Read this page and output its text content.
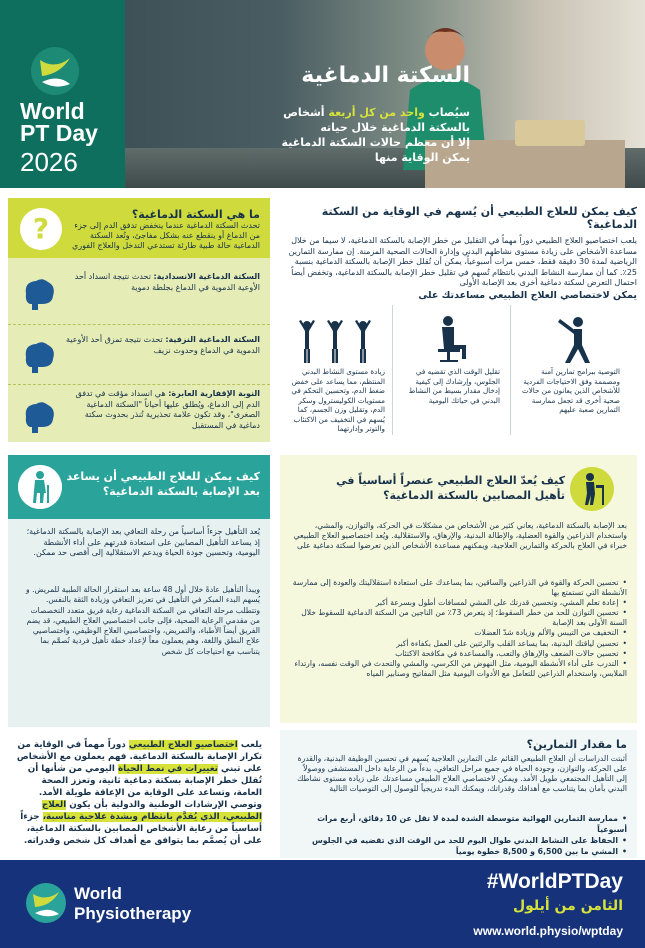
World
PT Day
2026
السكتة الدماغية
سيُصاب واحد من كل أربعة أشخاص
بالسكتة الدماغية خلال حياته
إلا أن معظم حالات السكتة الدماغية
يمكن الوقاية منها
?	ما هي السكتة الدماغية؟
تحدث السكتة الدماغية عندما ينخفض تدفق الدم إلى جزء من الدماغ أو ينقطع عنه بشكل مفاجئ، وتُعد السكتة الدماغية حالة طبية طارئة تستدعي التدخل والعلاج الفوري
السكتة الدماغية الانسدادية: تحدث نتيجة انسداد أحد الأوعية الدموية في الدماغ بجلطة دموية
السكتة الدماغية النزفية: تحدث نتيجة تمزق أحد الأوعية الدموية في الدماغ وحدوث نزيف
النوبة الإقفارية العابرة: هي انسداد مؤقت في تدفق الدم إلى الدماغ، ويُطلق عليها أحياناً "السكتة الدماغية الصغرى"، وقد تكون علامة تحذيرية تُنذر بحدوث سكتة دماغية في المستقبل
كيف يمكن للعلاج الطبيعي أن يُسهم في الوقاية من السكتة الدماغية؟
يلعب اختصاصيو العلاج الطبيعي دوراً مهماً في التقليل من خطر الإصابة بالسكتة الدماغية، لا سيما من خلال مساعدة الأشخاص على زيادة مستوى نشاطهم البدني وإدارة الحالات الصحية المزمنة. إن ممارسة التمارين الرياضية لمدة 30 دقيقة فقط، خمس مرات أسبوعياً، يمكن أن تُقلل خطر الإصابة بالسكتة الدماغية بنسبة 25٪. كما أن ممارسة النشاط البدني بانتظام تُسهم في تقليل خطر الإصابة بالسكتة الدماغية، وتخفض أيضاً احتمال التعرض لسكتة دماغية أخرى بعد الإصابة الأولى
يمكن لاختصاصي العلاج الطبيعي مساعدتك على
زيادة مستوى النشاط البدني المنتظم، مما يساعد على خفض ضغط الدم، وتحسين التحكم في مستويات الكوليسترول وسكر الدم، وتقليل وزن الجسم، كما يُسهم في التخفيف من الاكتئاب والتوتر وإدارتهما
تقليل الوقت الذي تقضيه في الجلوس، وإرشادك إلى كيفية إدخال مقدار بسيط من النشاط البدني في حياتك اليومية
التوصية ببرامج تمارين آمنة ومصممة وفق الاحتياجات الفردية للأشخاص الذين يعانون من حالات صحية أخرى قد تجعل ممارسة التمارين صعبة عليهم
كيف يمكن للعلاج الطبيعي أن يساعد بعد الإصابة بالسكتة الدماغية؟
يُعد التأهيل جزءاً أساسياً من رحلة التعافي بعد الإصابة بالسكتة الدماغية؛ إذ يساعد التأهيل المصابين على استعادة قدرتهم على أداء الأنشطة اليومية، وتحسين جودة الحياة ويدعم الاستقلالية إلى أقصى حد ممكن.
ويبدأ التأهيل عادةً خلال أول 48 ساعة بعد استقرار الحالة الطبية للمريض. و يُسهم البدء المبكر في التأهيل في تعزيز التعافي وزيادة الثقة بالنفس. وتتطلب مرحلة التعافي من السكتة الدماغية رعاية فريق متعدد التخصصات من مقدمي الرعاية الصحية، فإلى جانب اختصاصيي العلاج الطبيعي، قد يضم الفريق أيضاً الأطباء، والتمريض، واختصاصيي العلاج الوظيفي، واختصاصيي علاج النطق واللغة، وهم يعملون معاً لإعداد خطة تأهيل فردية تُصمَّم بما يتناسب مع احتياجات كل شخص
كيف يُعدّ العلاج الطبيعي عنصراً أساسياً في تأهيل المصابين بالسكتة الدماغية؟
بعد الإصابة بالسكتة الدماغية، يعاني كثير من الأشخاص من مشكلات في الحركة، والتوازن، والمشي، واستخدام الذراعين والقوة العضلية، والإطالة البدنية، والإرهاق، والاستقلالية. ويُعد اختصاصيو العلاج الطبيعي خبراء في العلاج بالحركة والتمارين العلاجية، ويمكنهم مساعدة الأشخاص الذين تعرضوا لسكتة دماغية على
• تحسين الحركة والقوة في الذراعين والساقين، بما يساعدك على استعادة استقلاليتك والعودة إلى ممارسة الأنشطة التي تستمتع بها
• إعادة تعلم المشي، وتحسين قدرتك على المشي لمسافات أطول وبسرعة أكبر
• تحسين التوازن للحد من خطر السقوط؛ إذ يتعرض 73٪ من الناجين من السكتة الدماغية للسقوط خلال السنة الأولى بعد الإصابة
• التخفيف من التيبس والألم وزيادة شدّ العضلات
• تحسين لياقتك البدنية، بما يساعد القلب والرئتين على العمل بكفاءة أكبر
• تحسين حالات الضعف والإرهاق والتعب، والمساعدة في مكافحة الاكتئاب
• التدرب على أداء الأنشطة اليومية، مثل النهوض من الكرسي، والمشي والتحدث في الوقت نفسه، وارتداء الملابس، واستخدام الذراعين للتعامل مع الأدوات اليومية مثل المفاتيح وصنابير المياه
يلعب اختصاصيو العلاج الطبيعي دوراً مهماً في الوقاية من تكرار الإصابة بالسكتة الدماغية. فهم يعملون مع الأشخاص على تبني تغييرات في نمط الحياة اليومي من شأنها أن تُقلل خطر الإصابة بسكتة دماغية ثانية، وتعزز الصحة العامة، وتساعد على الوقاية من الإعاقة طويلة الأمد. وتوصي الإرشادات الوطنية والدولية بأن يكون العلاج الطبيعي، الذي يُقدَّم بانتظام وبشدة علاجية مناسبة، جزءاً أساسياً من رعاية الأشخاص المصابين بالسكتة الدماغية، على أن يُصمَّم بما يتوافق مع أهداف كل شخص وقدراته.
ما مقدار التمارين؟
أثبتت الدراسات أن العلاج الطبيعي القائم على التمارين العلاجية يُسهم في تحسين الوظيفة البدنية، والقدرة على الحركة، والتوازن، وجودة الحياة في جميع مراحل التعافي، بدءاً من الرعاية داخل المستشفى ووصولاً إلى التأهيل المجتمعي طويل الأمد. ويمكن لاختصاصي العلاج الطبيعي مساعدتك على زيادة مستوى نشاطك البدني بأمان بما يتناسب مع أهدافك وقدراتك، ويمكنك البدء تدريجياً للوصول إلى التوصيات التالية
• ممارسة التمارين الهوائية متوسطة الشدة لمدة لا تقل عن 10 دقائق، أربع مرات أسبوعياً
• الحفاظ على النشاط البدني طوال اليوم للحد من الوقت الذي تقضيه في الجلوس
• المشي ما بين 6,500 و 8,500 خطوة يومياً
World
Physiotherapy
#WorldPTDay
الثامن من أيلول
www.world.physio/wptday
